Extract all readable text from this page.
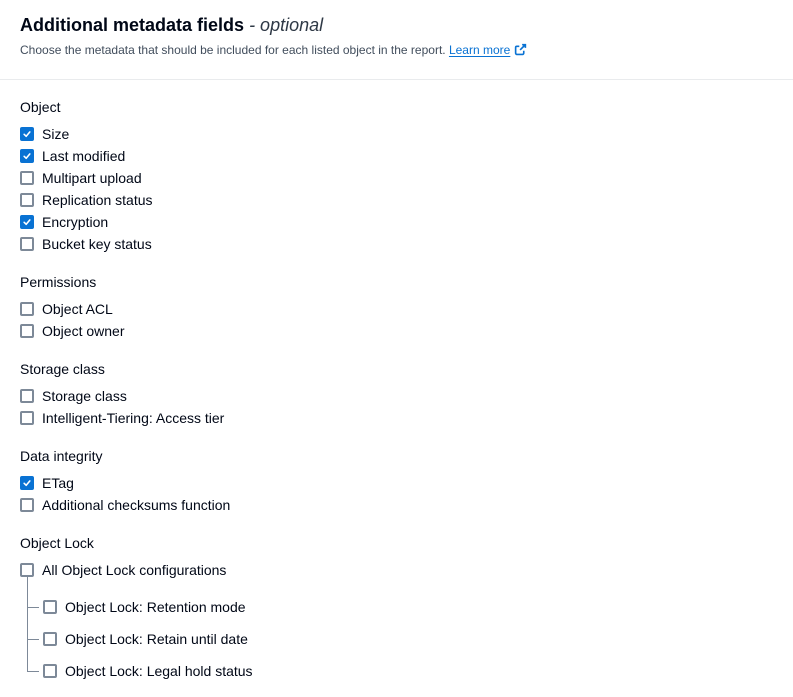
Additional metadata fields - optional

Choose the metadata that should be included for each listed object in the report. Learn more

Object
Size
Last modified
Multipart upload
Replication status
Encryption
Bucket key status
Permissions
Object ACL
Object owner
Storage class
Storage class
Intelligent-Tiering: Access tier
Data integrity
ETag
Additional checksums function
Object Lock
All Object Lock configurations
Object Lock: Retention mode
Object Lock: Retain until date
Object Lock: Legal hold status
